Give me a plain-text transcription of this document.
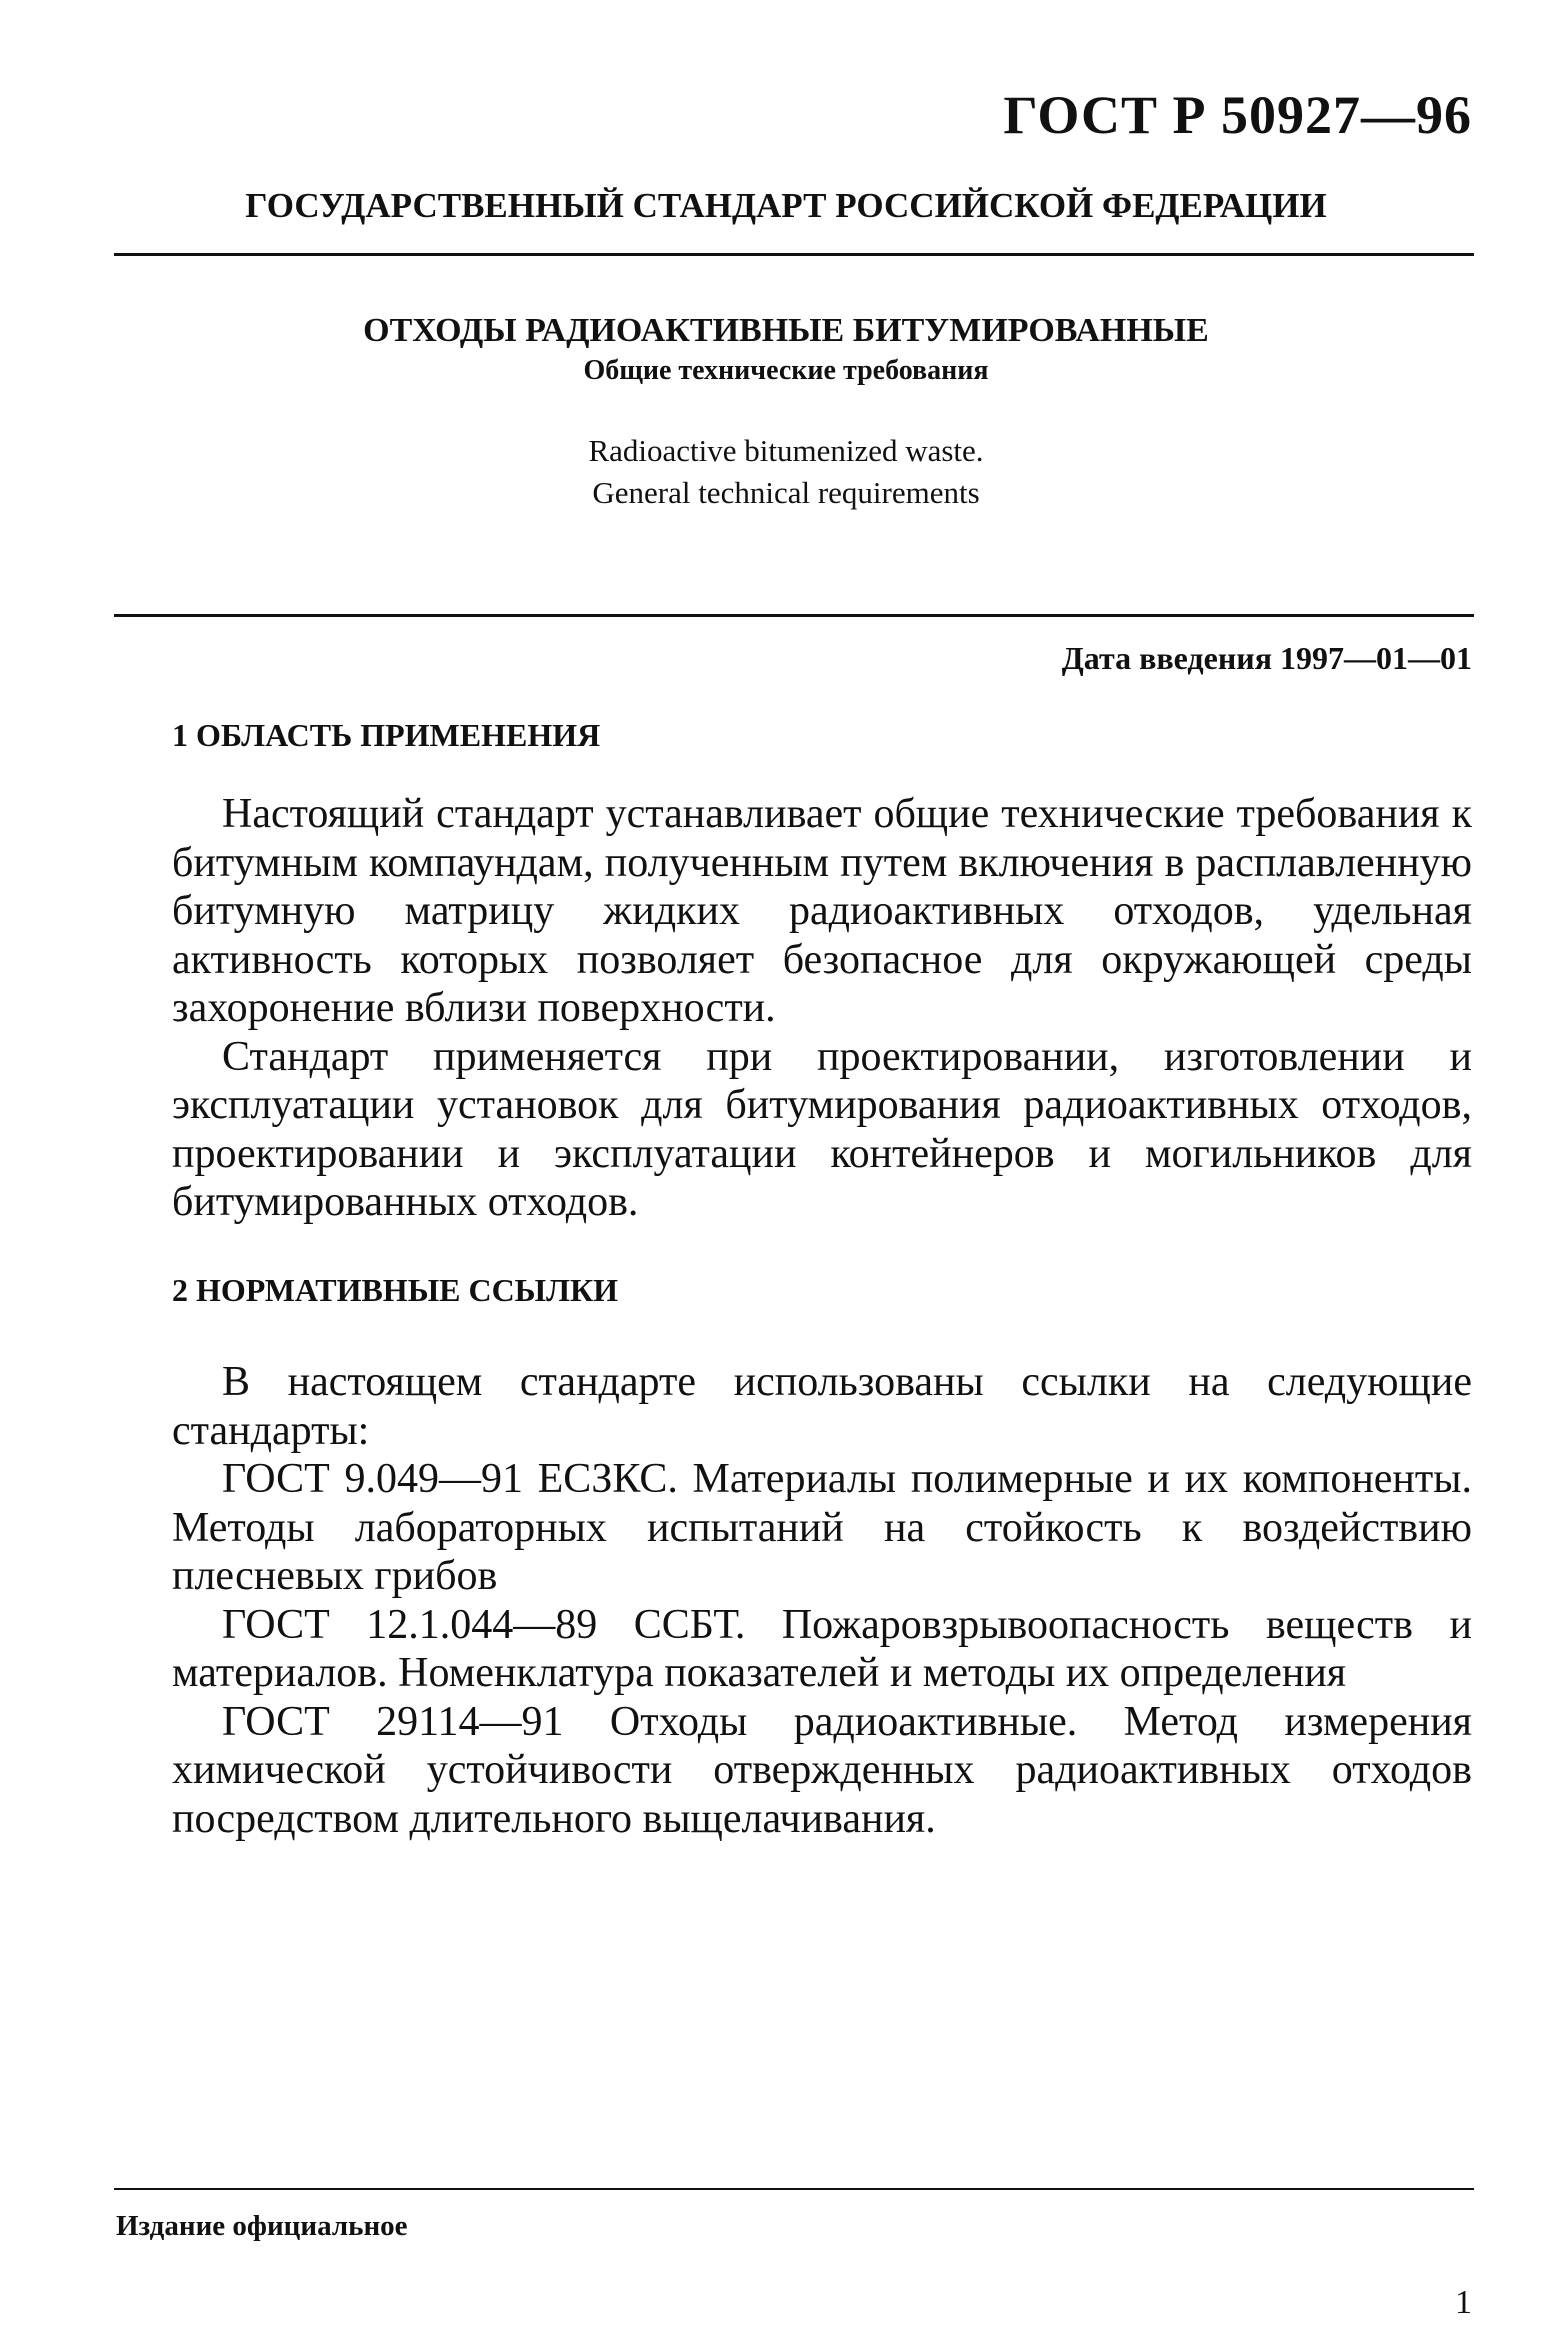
ГОСТ Р 50927—96
ГОСУДАРСТВЕННЫЙ СТАНДАРТ РОССИЙСКОЙ ФЕДЕРАЦИИ
ОТХОДЫ РАДИОАКТИВНЫЕ БИТУМИРОВАННЫЕ
Общие технические требования
Radioactive bitumenized waste.
General technical requirements
Дата введения 1997—01—01
1 ОБЛАСТЬ ПРИМЕНЕНИЯ

Настоящий стандарт устанавливает общие технические требования к битумным компаундам, полученным путем включения в расплавленную битумную матрицу жидких радиоактивных отходов, удельная активность которых позволяет безопасное для окружающей среды захоронение вблизи поверхности.

Стандарт применяется при проектировании, изготовлении и эксплуатации установок для битумирования радиоактивных отходов, проектировании и эксплуатации контейнеров и могильников для битумированных отходов.

2 НОРМАТИВНЫЕ ССЫЛКИ

В настоящем стандарте использованы ссылки на следующие стандарты:

ГОСТ 9.049—91 ЕСЗКС. Материалы полимерные и их компоненты. Методы лабораторных испытаний на стойкость к воздействию плесневых грибов

ГОСТ 12.1.044—89 ССБТ. Пожаровзрывоопасность веществ и материалов. Номенклатура показателей и методы их определения

ГОСТ 29114—91 Отходы радиоактивные. Метод измерения химической устойчивости отвержденных радиоактивных отходов посредством длительного выщелачивания.

Издание официальное
1
